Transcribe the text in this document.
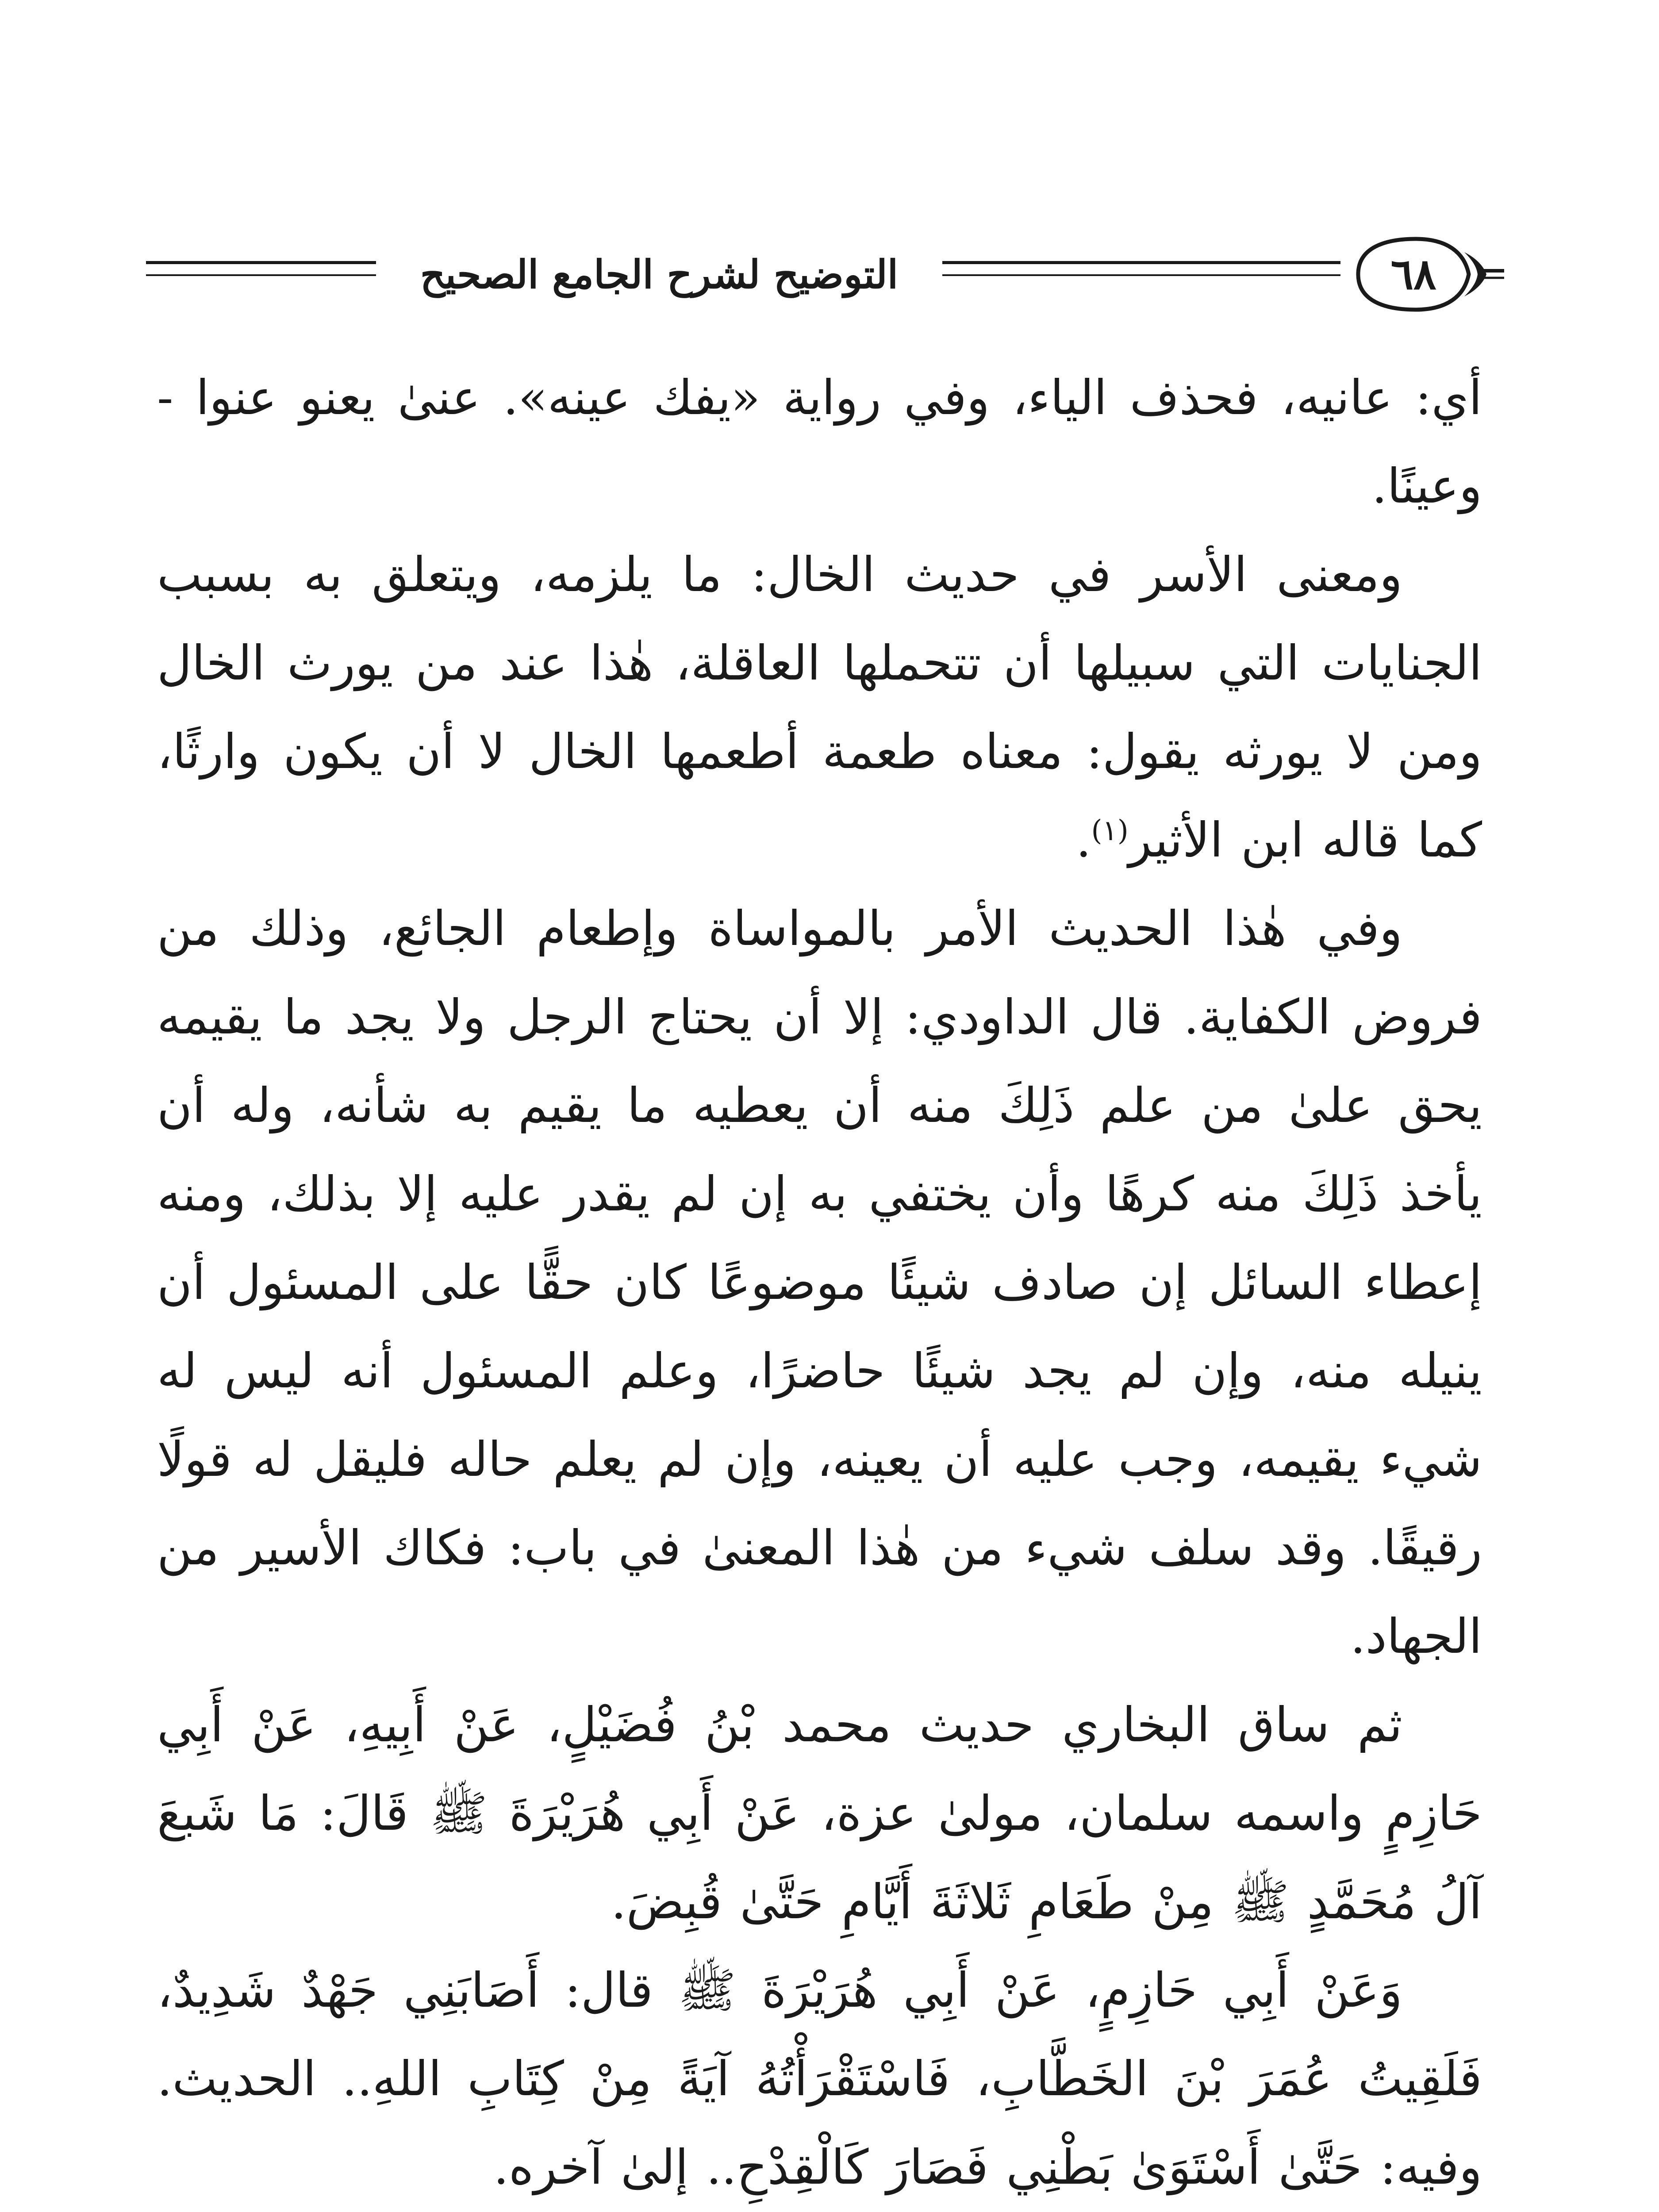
التوضيح لشرح الجامع الصحيح	٦٨

أي: عانيه، فحذف الياء، وفي رواية «يفك عينه». عنىٰ يعنو عنوا - وعينًا.

ومعنى الأسر في حديث الخال: ما يلزمه، ويتعلق به بسبب الجنايات التي سبيلها أن تتحملها العاقلة، هٰذا عند من يورث الخال ومن لا يورثه يقول: معناه طعمة أطعمها الخال لا أن يكون وارثًا، كما قاله ابن الأثير$^{(١)}$.

وفي هٰذا الحديث الأمر بالمواساة وإطعام الجائع، وذلك من فروض الكفاية. قال الداودي: إلا أن يحتاج الرجل ولا يجد ما يقيمه يحق علىٰ من علم ذَلِكَ منه أن يعطيه ما يقيم به شأنه، وله أن يأخذ ذَلِكَ منه كرهًا وأن يختفي به إن لم يقدر عليه إلا بذلك، ومنه إعطاء السائل إن صادف شيئًا موضوعًا كان حقًّا على المسئول أن ينيله منه، وإن لم يجد شيئًا حاضرًا، وعلم المسئول أنه ليس له شيء يقيمه، وجب عليه أن يعينه، وإن لم يعلم حاله فليقل له قولًا رقيقًا. وقد سلف شيء من هٰذا المعنىٰ في باب: فكاك الأسير من الجهاد.

ثم ساق البخاري حديث محمد بْنُ فُضَيْلٍ، عَنْ أَبِيهِ، عَنْ أَبِي حَازِمٍ واسمه سلمان، مولىٰ عزة، عَنْ أَبِي هُرَيْرَةَ ﷺ قَالَ: مَا شَبعَ آلُ مُحَمَّدٍ ﷺ مِنْ طَعَامِ ثَلاثَةَ أَيَّامِ حَتَّىٰ قُبِضَ.

وَعَنْ أَبِي حَازِمٍ، عَنْ أَبِي هُرَيْرَةَ ﷺ قال: أَصَابَنِي جَهْدٌ شَدِيدٌ، فَلَقِيتُ عُمَرَ بْنَ الخَطَّابِ، فَاسْتَقْرَأْتُهُ آيَةً مِنْ كِتَابِ اللهِ.. الحديث. وفيه: حَتَّىٰ أَسْتَوَىٰ بَطْنِي فَصَارَ كَالْقِدْحِ.. إلىٰ آخره.
